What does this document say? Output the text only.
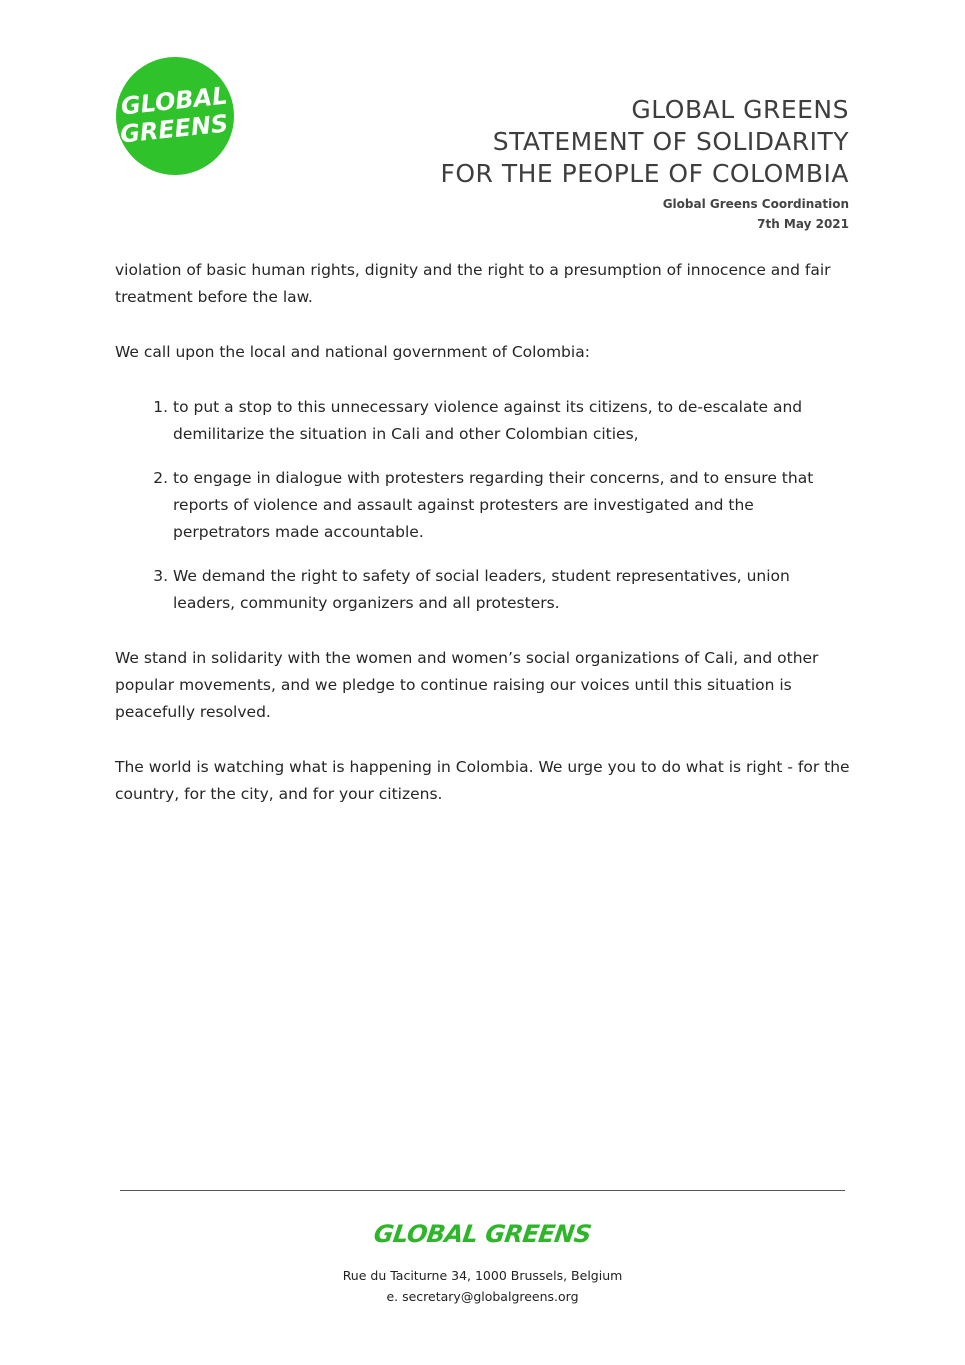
GLOBAL
GREENS	GLOBAL GREENS
STATEMENT OF SOLIDARITY
FOR THE PEOPLE OF COLOMBIA
Global Greens Coordination
7th May 2021

violation of basic human rights, dignity and the right to a presumption of innocence and fair treatment before the law.

We call upon the local and national government of Colombia:

1. to put a stop to this unnecessary violence against its citizens, to de-escalate and demilitarize the situation in Cali and other Colombian cities,
2. to engage in dialogue with protesters regarding their concerns, and to ensure that reports of violence and assault against protesters are investigated and the perpetrators made accountable.
3. We demand the right to safety of social leaders, student representatives, union leaders, community organizers and all protesters.

We stand in solidarity with the women and women’s social organizations of Cali, and other popular movements, and we pledge to continue raising our voices until this situation is peacefully resolved.

The world is watching what is happening in Colombia. We urge you to do what is right - for the country, for the city, and for your citizens.

GLOBAL GREENS
Rue du Taciturne 34, 1000 Brussels, Belgium
e. secretary@globalgreens.org
